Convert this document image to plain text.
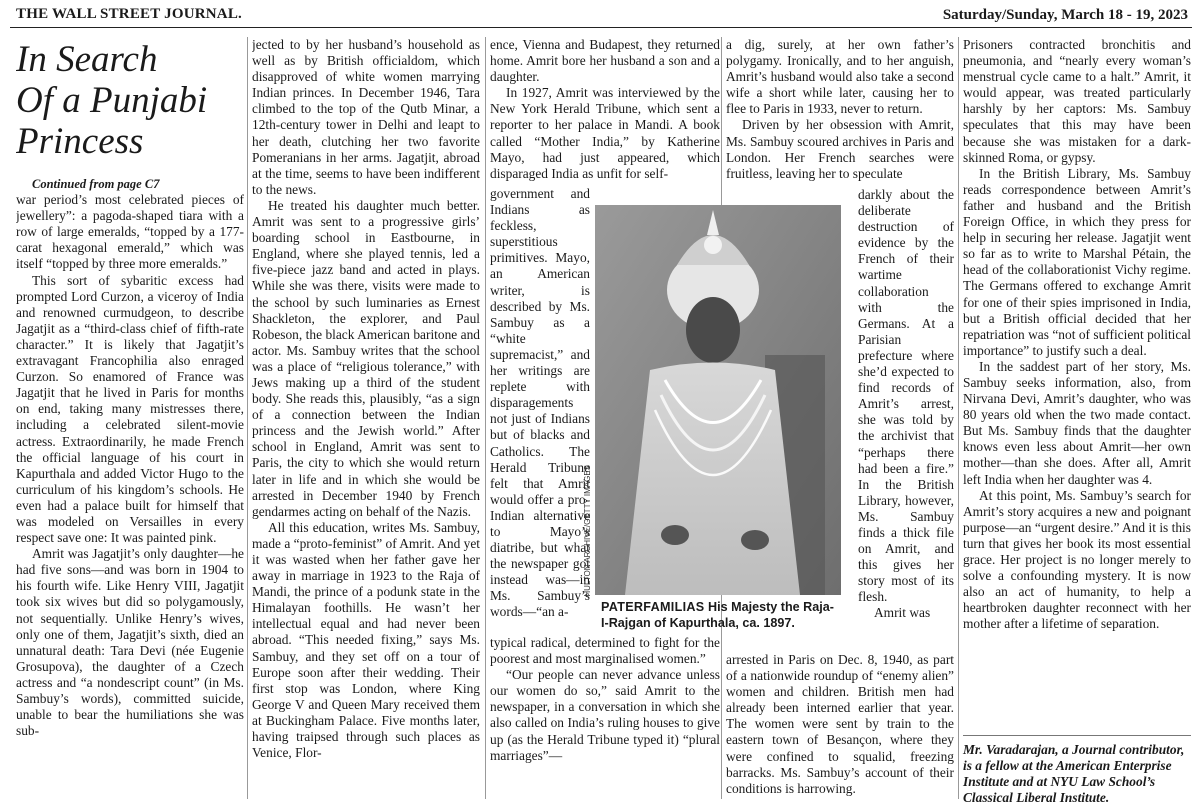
THE WALL STREET JOURNAL.	Saturday/Sunday, March 18 - 19, 2023
In Search
Of a Punjabi
Princess

Continued from page C7

war period’s most celebrated pieces of jewellery”: a pagoda-shaped tiara with a row of large emeralds, “topped by a 177-carat hexagonal emerald,” which was itself “topped by three more emeralds.”

This sort of sybaritic excess had prompted Lord Curzon, a viceroy of India and renowned curmudgeon, to describe Jagatjit as a “third-class chief of fifth-rate character.” It is likely that Jagatjit’s extravagant Francophilia also enraged Curzon. So enamored of France was Jagatjit that he lived in Paris for months on end, taking many mistresses there, including a celebrated silent-movie actress. Extraordinarily, he made French the official language of his court in Kapurthala and added Victor Hugo to the curriculum of his kingdom’s schools. He even had a palace built for himself that was modeled on Versailles in every respect save one: It was painted pink.

Amrit was Jagatjit’s only daughter—he had five sons—and was born in 1904 to his fourth wife. Like Henry VIII, Jagatjit took six wives but did so polygamously, not sequentially. Unlike Henry’s wives, only one of them, Jagatjit’s sixth, died an unnatural death: Tara Devi (née Eugenie Grosupova), the daughter of a Czech actress and “a nondescript count” (in Ms. Sambuy’s words), committed suicide, unable to bear the humiliations she was sub-

jected to by her husband’s household as well as by British officialdom, which disapproved of white women marrying Indian princes. In December 1946, Tara climbed to the top of the Qutb Minar, a 12th-century tower in Delhi and leapt to her death, clutching her two favorite Pomeranians in her arms. Jagatjit, abroad at the time, seems to have been indifferent to the news.

He treated his daughter much better. Amrit was sent to a progressive girls’ boarding school in Eastbourne, in England, where she played tennis, led a five-piece jazz band and acted in plays. While she was there, visits were made to the school by such luminaries as Ernest Shackleton, the explorer, and Paul Robeson, the black American baritone and actor. Ms. Sambuy writes that the school was a place of “religious tolerance,” with Jews making up a third of the student body. She reads this, plausibly, “as a sign of a connection between the Indian princess and the Jewish world.” After school in England, Amrit was sent to Paris, the city to which she would return later in life and in which she would be arrested in December 1940 by French gendarmes acting on behalf of the Nazis.

All this education, writes Ms. Sambuy, made a “proto-feminist” of Amrit. And yet it was wasted when her father gave her away in marriage in 1923 to the Raja of Mandi, the prince of a podunk state in the Himalayan foothills. He wasn’t her intellectual equal and had never been abroad. “This needed fixing,” says Ms. Sambuy, and they set off on a tour of Europe soon after their wedding. Their first stop was London, where King George V and Queen Mary received them at Buckingham Palace. Five months later, having traipsed through such places as Venice, Flor-

ence, Vienna and Budapest, they returned home. Amrit bore her husband a son and a daughter.

In 1927, Amrit was interviewed by the New York Herald Tribune, which sent a reporter to her palace in Mandi. A book called “Mother India,” by Katherine Mayo, had just appeared, which disparaged India as unfit for self-

government and Indians as feckless, superstitious primitives. Mayo, an American writer, is described by Ms. Sambuy as a “white supremacist,” and her writings are replete with disparagements not just of Indians but of blacks and Catholics. The Herald Tribune felt that Amrit would offer a pro-Indian alternative to Mayo’s diatribe, but what the newspaper got instead was—in Ms. Sambuy’s words—“an a-

typical radical, determined to fight for the poorest and most marginalised women.”

“Our people can never advance unless our women do so,” said Amrit to the newspaper, in a conversation in which she also called on India’s ruling houses to give up (as the Herald Tribune typed it) “plural marriages”—

a dig, surely, at her own father’s polygamy. Ironically, and to her anguish, Amrit’s husband would also take a second wife a short while later, causing her to flee to Paris in 1933, never to return.

Driven by her obsession with Amrit, Ms. Sambuy scoured archives in Paris and London. Her French searches were fruitless, leaving her to speculate

darkly about the deliberate destruction of evidence by the French of their wartime collaboration with the Germans. At a Parisian prefecture where she’d expected to find records of Amrit’s arrest, she was told by the archivist that “perhaps there had been a fire.” In the British Library, however, Ms. Sambuy finds a thick file on Amrit, and this gives her story most of its flesh.

Amrit was

arrested in Paris on Dec. 8, 1940, as part of a nationwide roundup of “enemy alien” women and children. British men had already been interned earlier that year. The women were sent by train to the eastern town of Besançon, where they were confined to squalid, freezing barracks. Ms. Sambuy’s account of their conditions is harrowing.

Prisoners contracted bronchitis and pneumonia, and “nearly every woman’s menstrual cycle came to a halt.” Amrit, it would appear, was treated particularly harshly by her captors: Ms. Sambuy speculates that this may have been because she was mistaken for a dark-skinned Roma, or gypsy.

In the British Library, Ms. Sambuy reads correspondence between Amrit’s father and husband and the British Foreign Office, in which they press for help in securing her release. Jagatjit went so far as to write to Marshal Pétain, the head of the collaborationist Vichy regime. The Germans offered to exchange Amrit for one of their spies imprisoned in India, but a British official decided that her repatriation was “not of sufficient political importance” to justify such a deal.

In the saddest part of her story, Ms. Sambuy seeks information, also, from Nirvana Devi, Amrit’s daughter, who was 80 years old when the two made contact. But Ms. Sambuy finds that the daughter knows even less about Amrit—her own mother—than she does. After all, Amrit left India when her daughter was 4.

At this point, Ms. Sambuy’s search for Amrit’s story acquires a new and poignant purpose—an “urgent desire.” And it is this turn that gives her book its most essential grace. Her project is no longer merely to solve a confounding mystery. It is now also an act of humanity, to help a heartbroken daughter reconnect with her mother after a lifetime of separation.

Mr. Varadarajan, a Journal contributor, is a fellow at the American Enterprise Institute and at NYU Law School’s Classical Liberal Institute.
HULTON ARCHIVE/GETTY IMAGES
PATERFAMILIAS His Majesty the Raja-I-Rajgan of Kapurthala, ca. 1897.
